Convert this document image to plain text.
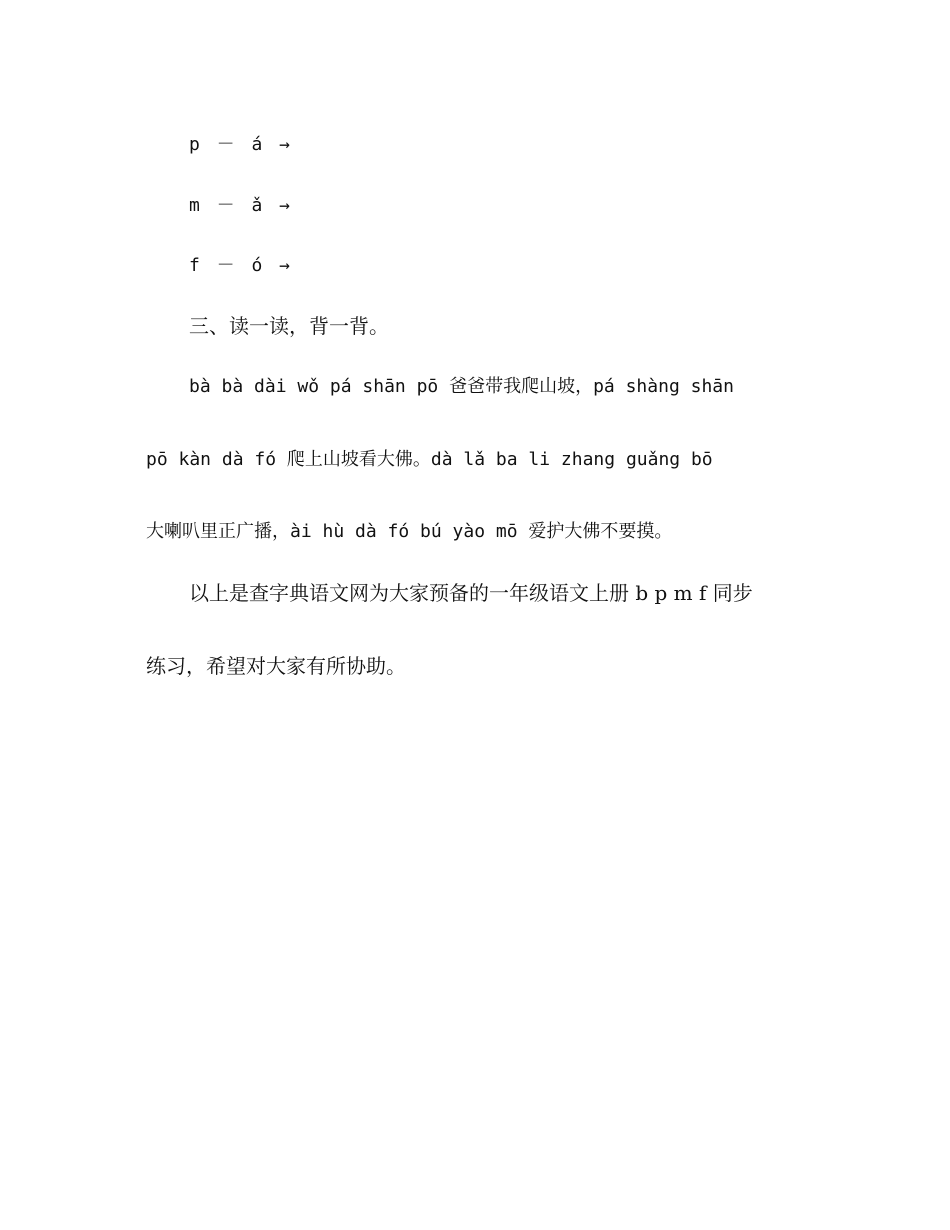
p － á →
m － ǎ →
f － ó →
三、读一读，背一背。
bà bà dài wǒ pá shān pō 爸爸带我爬山坡，pá shàng shān
pō kàn dà fó 爬上山坡看大佛。dà lǎ ba li zhang guǎng bō
大喇叭里正广播，ài hù dà fó bú yào mō 爱护大佛不要摸。
以上是查字典语文网为大家预备的一年级语文上册 b p m f 同步
练习，希望对大家有所协助。
